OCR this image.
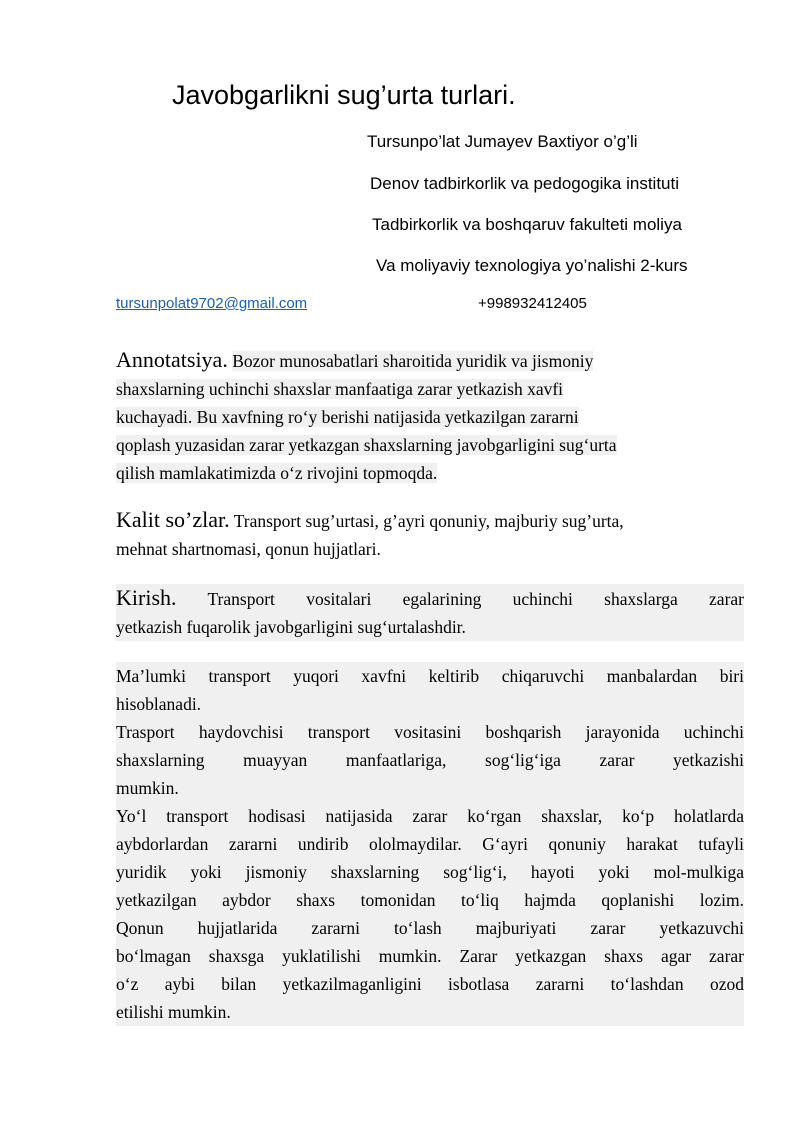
Javobgarlikni sug’urta turlari.
Tursunpo’lat Jumayev Baxtiyor o’g’li
Denov tadbirkorlik va pedogogika instituti
Tadbirkorlik va boshqaruv fakulteti moliya
Va moliyaviy texnologiya yo’nalishi 2-kurs
tursunpolat9702@gmail.com	+998932412405
Annotatsiya. Bozor munosabatlari sharoitida yuridik va jismoniy
shaxslarning uchinchi shaxslar manfaatiga zarar yetkazish xavfi
kuchayadi. Bu xavfning ro‘y berishi natijasida yetkazilgan zararni
qoplash yuzasidan zarar yetkazgan shaxslarning javobgarligini sug‘urta
qilish mamlakatimizda o‘z rivojini topmoqda.
Kalit so’zlar. Transport sug’urtasi, g’ayri qonuniy, majburiy sug’urta,
mehnat shartnomasi, qonun hujjatlari.
Kirish. Transport vositalari egalarining uchinchi shaxslarga zarar
yetkazish fuqarolik javobgarligini sug‘urtalashdir.
Ma’lumki transport yuqori xavfni keltirib chiqaruvchi manbalardan biri
hisoblanadi.
Trasport haydovchisi transport vositasini boshqarish jarayonida uchinchi
shaxslarning muayyan manfaatlariga, sog‘lig‘iga zarar yetkazishi
mumkin.
Yo‘l transport hodisasi natijasida zarar ko‘rgan shaxslar, ko‘p holatlarda
aybdorlardan zararni undirib ololmaydilar. G‘ayri qonuniy harakat tufayli
yuridik yoki jismoniy shaxslarning sog‘lig‘i, hayoti yoki mol-mulkiga
yetkazilgan aybdor shaxs tomonidan to‘liq hajmda qoplanishi lozim.
Qonun hujjatlarida zararni to‘lash majburiyati zarar yetkazuvchi
bo‘lmagan shaxsga yuklatilishi mumkin. Zarar yetkazgan shaxs agar zarar
o‘z aybi bilan yetkazilmaganligini isbotlasa zararni to‘lashdan ozod
etilishi mumkin.
